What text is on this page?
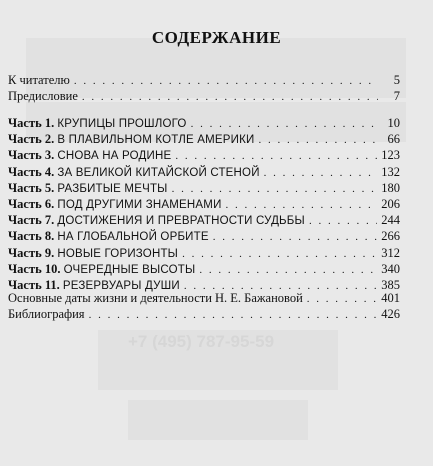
+7 (495) 787-95-59
СОДЕРЖАНИЕ
К читателю . . .	5
Предисловие . . .	7
Часть 1. КРУПИЦЫ ПРОШЛОГО . . .	10
Часть 2. В ПЛАВИЛЬНОМ КОТЛЕ АМЕРИКИ . . .	66
Часть 3. СНОВА НА РОДИНЕ . . .	123
Часть 4. ЗА ВЕЛИКОЙ КИТАЙСКОЙ СТЕНОЙ . . .	132
Часть 5. РАЗБИТЫЕ МЕЧТЫ . . .	180
Часть 6. ПОД ДРУГИМИ ЗНАМЕНАМИ . . .	206
Часть 7. ДОСТИЖЕНИЯ И ПРЕВРАТНОСТИ СУДЬБЫ . . .	244
Часть 8. НА ГЛОБАЛЬНОЙ ОРБИТЕ . . .	266
Часть 9. НОВЫЕ ГОРИЗОНТЫ . . .	312
Часть 10. ОЧЕРЕДНЫЕ ВЫСОТЫ . . .	340
Часть 11. РЕЗЕРВУАРЫ ДУШИ . . .	385
Основные даты жизни и деятельности Н. Е. Бажановой . . .	401
Библиография . . .	426
